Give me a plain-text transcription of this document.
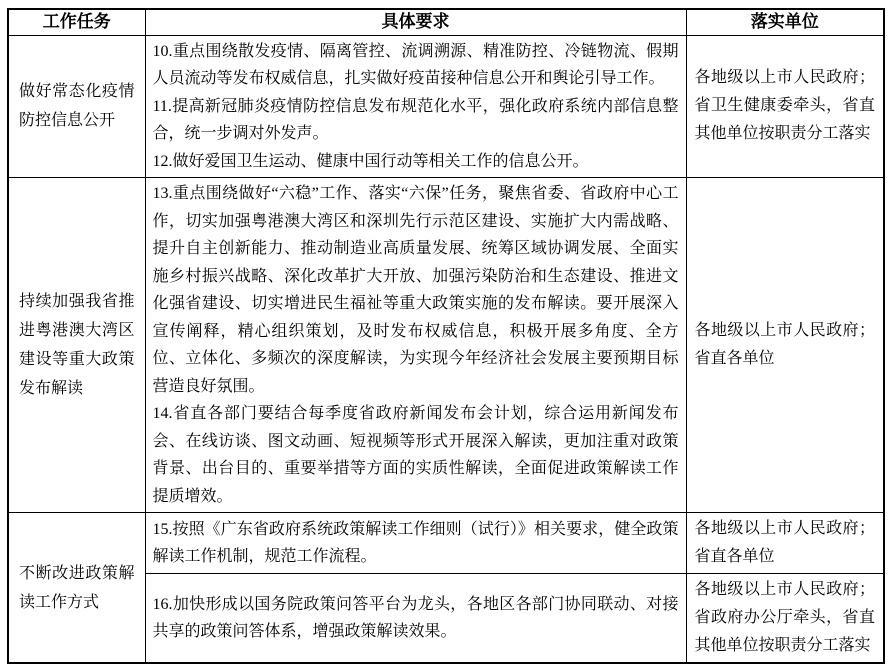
工作任务	具体要求	落实单位
做好常态化疫情防控信息公开	10.重点围绕散发疫情、隔离管控、流调溯源、精准防控、冷链物流、假期人员流动等发布权威信息，扎实做好疫苗接种信息公开和舆论引导工作。

11.提高新冠肺炎疫情防控信息发布规范化水平，强化政府系统内部信息整合，统一步调对外发声。

12.做好爱国卫生运动、健康中国行动等相关工作的信息公开。	各地级以上市人民政府；省卫生健康委牵头，省直其他单位按职责分工落实
持续加强我省推进粤港澳大湾区建设等重大政策发布解读	13.重点围绕做好“六稳”工作、落实“六保”任务，聚焦省委、省政府中心工作，切实加强粤港澳大湾区和深圳先行示范区建设、实施扩大内需战略、提升自主创新能力、推动制造业高质量发展、统筹区域协调发展、全面实施乡村振兴战略、深化改革扩大开放、加强污染防治和生态建设、推进文化强省建设、切实增进民生福祉等重大政策实施的发布解读。要开展深入宣传阐释，精心组织策划，及时发布权威信息，积极开展多角度、全方位、立体化、多频次的深度解读，为实现今年经济社会发展主要预期目标营造良好氛围。

14.省直各部门要结合每季度省政府新闻发布会计划，综合运用新闻发布会、在线访谈、图文动画、短视频等形式开展深入解读，更加注重对政策背景、出台目的、重要举措等方面的实质性解读，全面促进政策解读工作提质增效。	各地级以上市人民政府；省直各单位
不断改进政策解读工作方式	15.按照《广东省政府系统政策解读工作细则（试行）》相关要求，健全政策解读工作机制，规范工作流程。	各地级以上市人民政府；省直各单位

	16.加快形成以国务院政策问答平台为龙头，各地区各部门协同联动、对接共享的政策问答体系，增强政策解读效果。	各地级以上市人民政府；省政府办公厅牵头，省直其他单位按职责分工落实
